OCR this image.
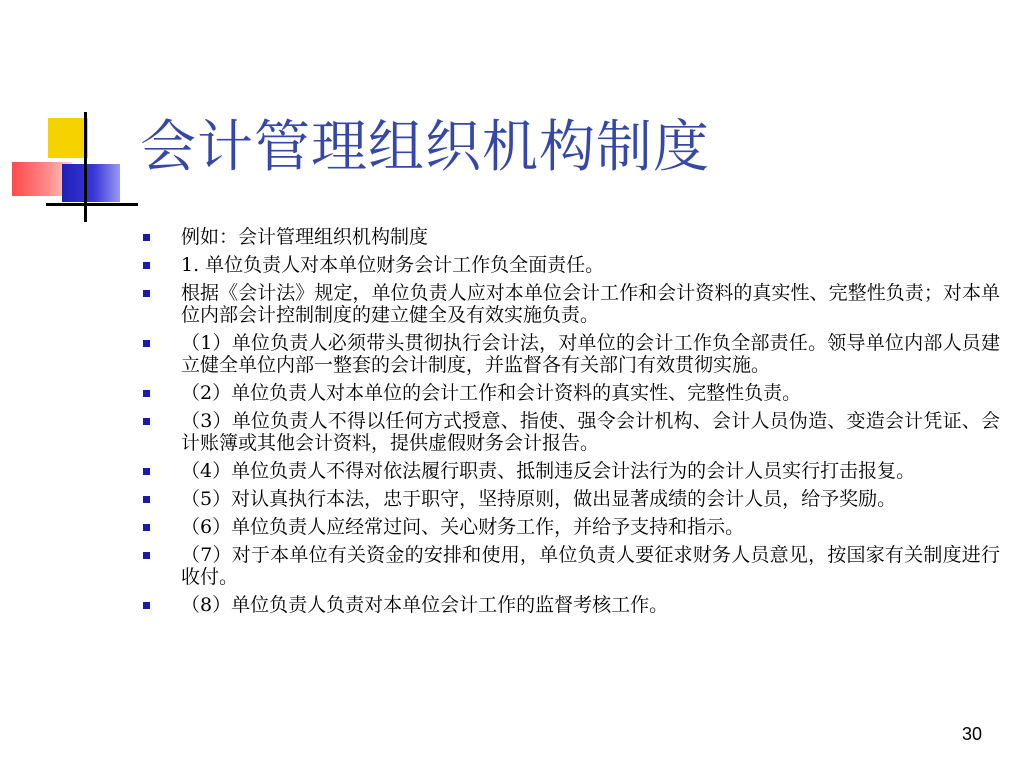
会计管理组织机构制度
例如：会计管理组织机构制度
1. 单位负责人对本单位财务会计工作负全面责任。
根据《会计法》规定，单位负责人应对本单位会计工作和会计资料的真实性、完整性负责；对本单位内部会计控制制度的建立健全及有效实施负责。
（1）单位负责人必须带头贯彻执行会计法，对单位的会计工作负全部责任。领导单位内部人员建立健全单位内部一整套的会计制度，并监督各有关部门有效贯彻实施。
（2）单位负责人对本单位的会计工作和会计资料的真实性、完整性负责。
（3）单位负责人不得以任何方式授意、指使、强令会计机构、会计人员伪造、变造会计凭证、会计账簿或其他会计资料，提供虚假财务会计报告。
（4）单位负责人不得对依法履行职责、抵制违反会计法行为的会计人员实行打击报复。
（5）对认真执行本法，忠于职守，坚持原则，做出显著成绩的会计人员，给予奖励。
（6）单位负责人应经常过问、关心财务工作，并给予支持和指示。
（7）对于本单位有关资金的安排和使用，单位负责人要征求财务人员意见，按国家有关制度进行收付。
（8）单位负责人负责对本单位会计工作的监督考核工作。
30
